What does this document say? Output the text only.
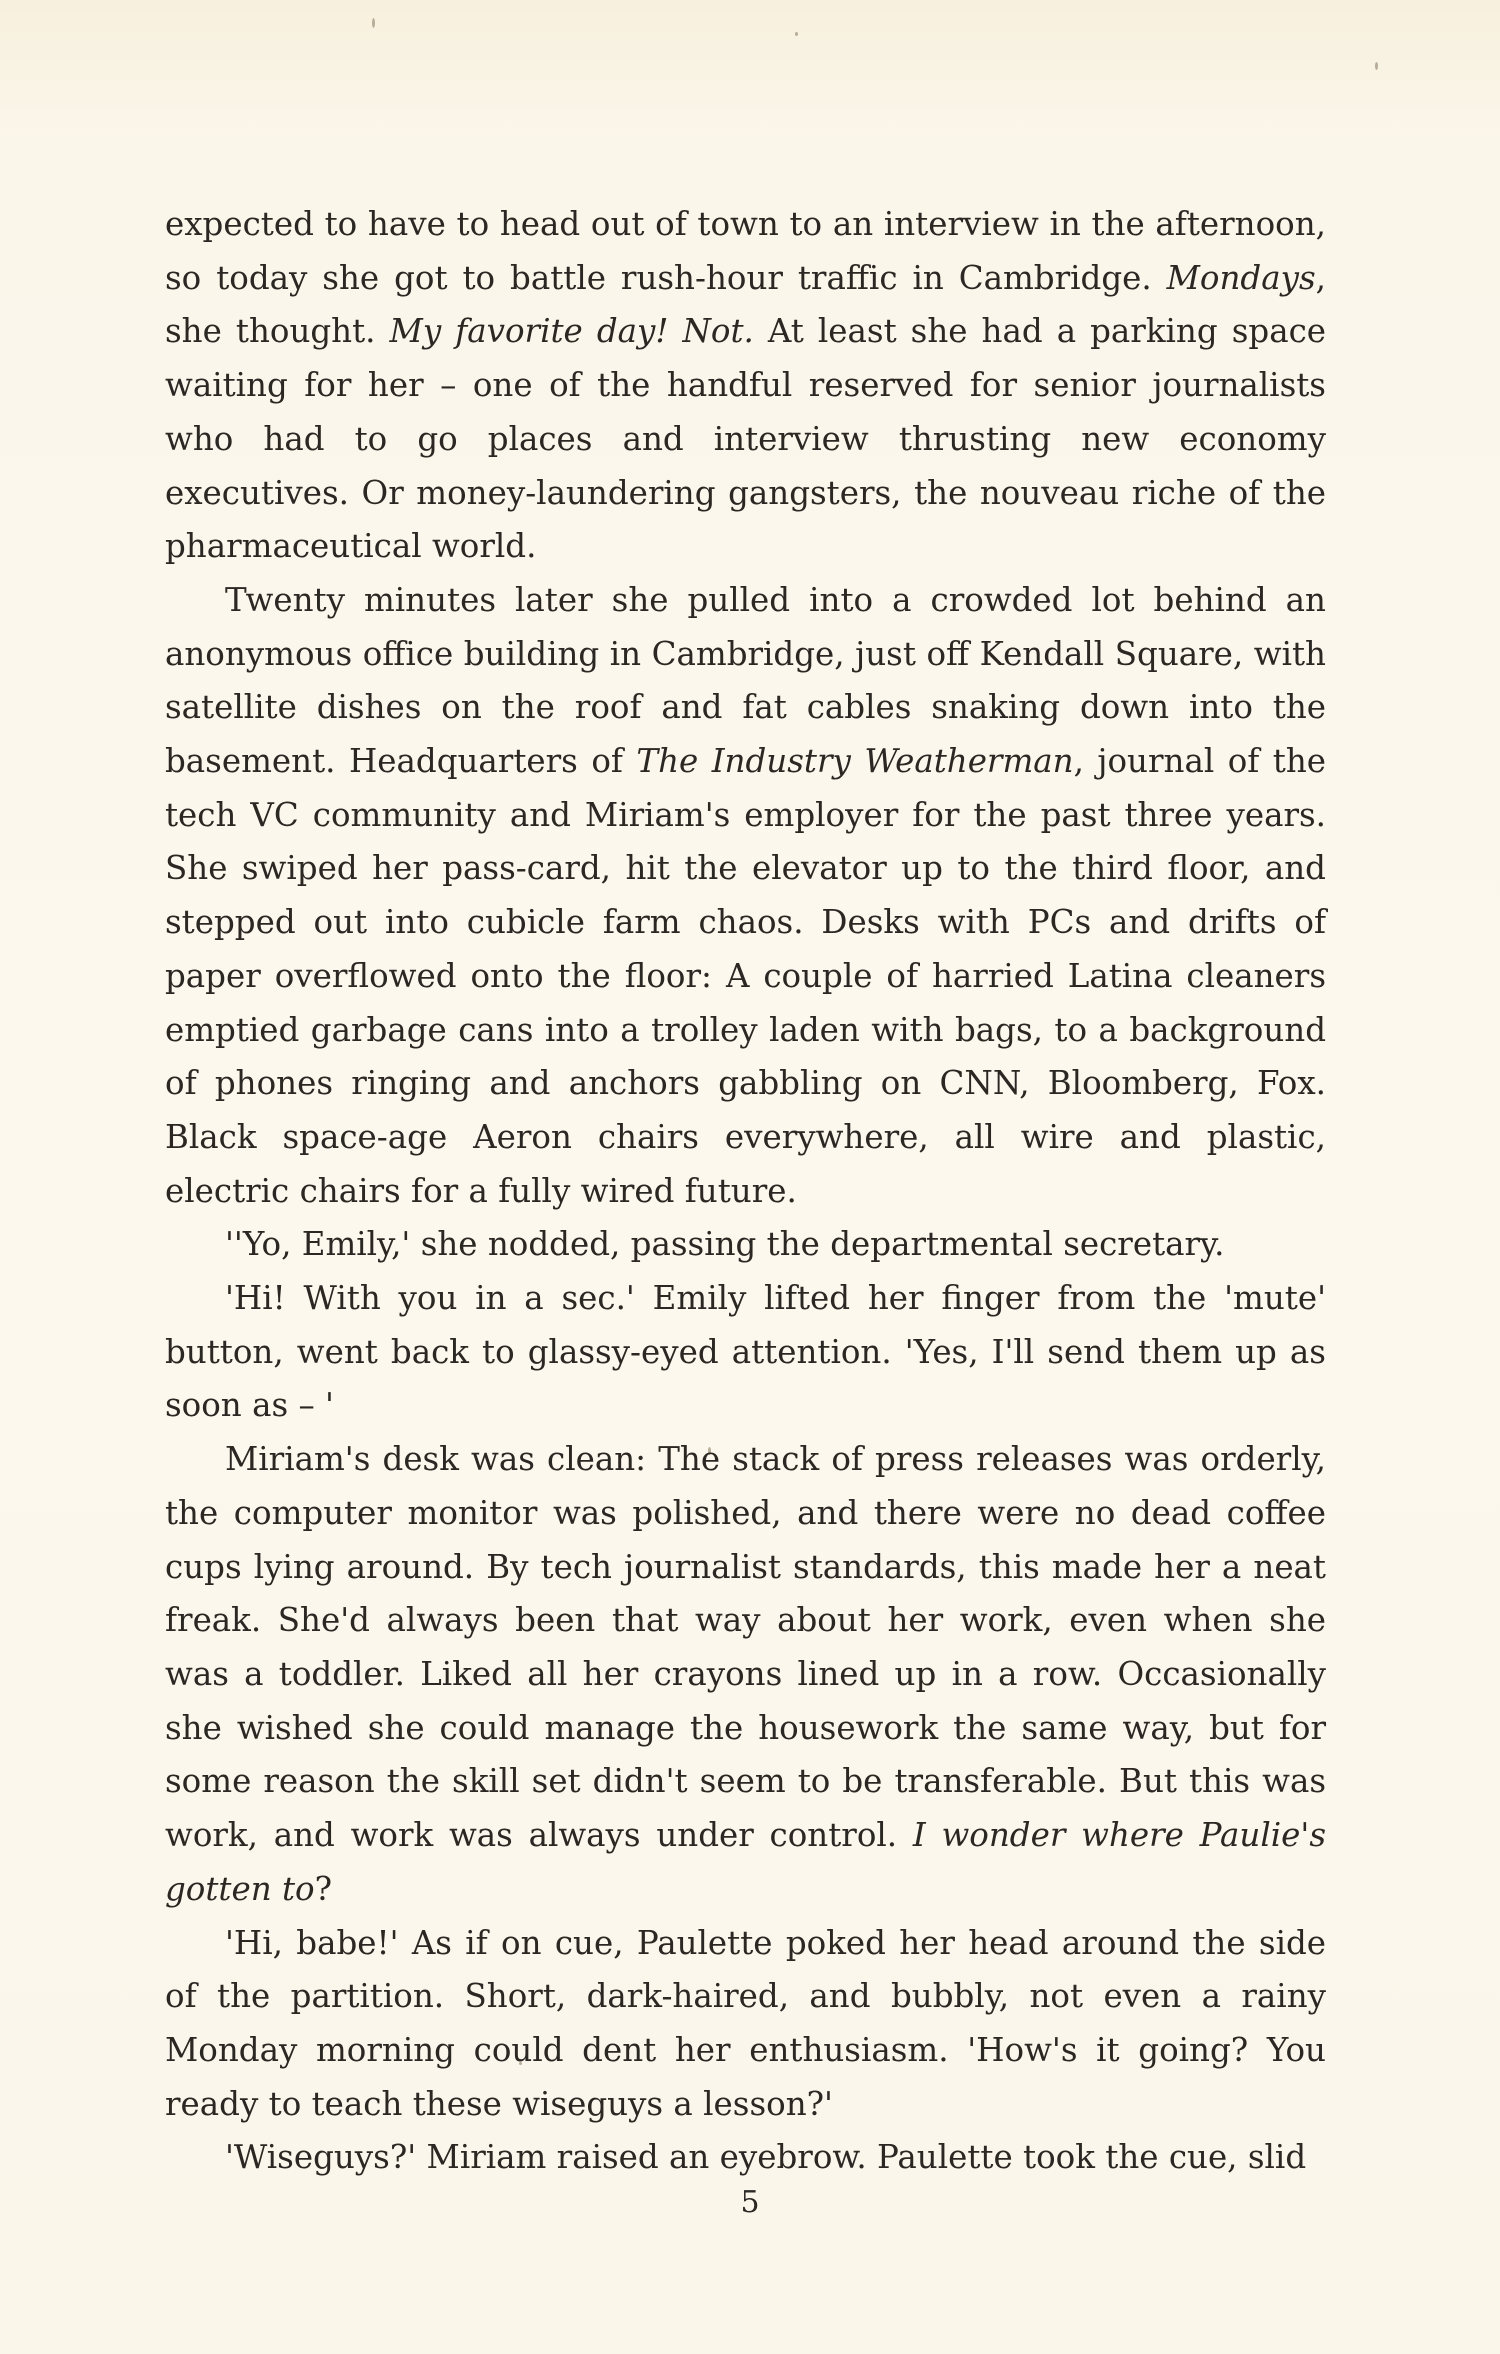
expected to have to head out of town to an interview in the afternoon, so today she got to battle rush-hour traffic in Cambridge. Mondays, she thought. My favorite day! Not. At least she had a parking space waiting for her – one of the handful reserved for senior journalists who had to go places and interview thrusting new economy executives. Or money-laundering gangsters, the nouveau riche of the pharmaceutical world.

Twenty minutes later she pulled into a crowded lot behind an anonymous office building in Cambridge, just off Kendall Square, with satellite dishes on the roof and fat cables snaking down into the basement. Headquarters of The Industry Weatherman, journal of the tech VC community and Miriam's employer for the past three years. She swiped her pass-card, hit the elevator up to the third floor, and stepped out into cubicle farm chaos. Desks with PCs and drifts of paper overflowed onto the floor: A couple of harried Latina cleaners emptied garbage cans into a trolley laden with bags, to a background of phones ringing and anchors gabbling on CNN, Bloomberg, Fox. Black space-age Aeron chairs everywhere, all wire and plastic, electric chairs for a fully wired future.

''Yo, Emily,' she nodded, passing the departmental secretary.

'Hi! With you in a sec.' Emily lifted her finger from the 'mute' button, went back to glassy-eyed attention. 'Yes, I'll send them up as soon as – '

Miriam's desk was clean: The stack of press releases was orderly, the computer monitor was polished, and there were no dead coffee cups lying around. By tech journalist standards, this made her a neat freak. She'd always been that way about her work, even when she was a toddler. Liked all her crayons lined up in a row. Occasionally she wished she could manage the housework the same way, but for some reason the skill set didn't seem to be transferable. But this was work, and work was always under control. I wonder where Paulie's gotten to?

'Hi, babe!' As if on cue, Paulette poked her head around the side of the partition. Short, dark-haired, and bubbly, not even a rainy Monday morning could dent her enthusiasm. 'How's it going? You ready to teach these wiseguys a lesson?'

'Wiseguys?' Miriam raised an eyebrow. Paulette took the cue, slid

5
